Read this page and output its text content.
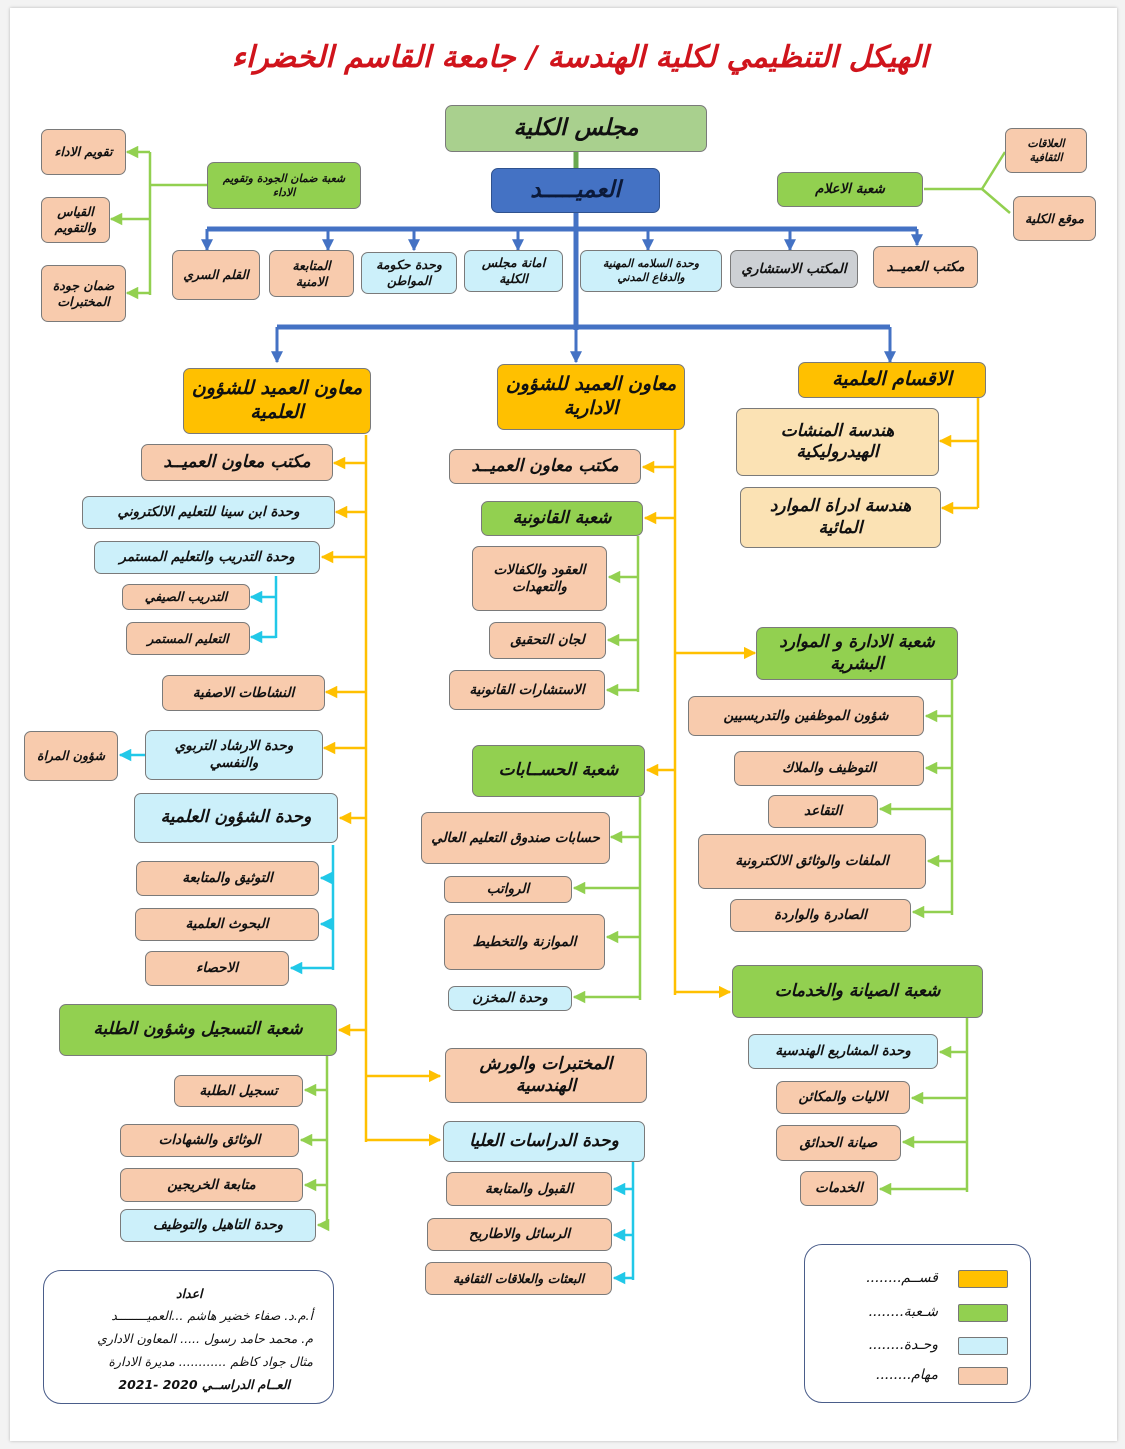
الهيكل التنظيمي لكلية الهندسة / جامعة القاسم الخضراء
مجلس الكلية
العميـــــد
شعبة ضمان الجودة وتقويم الاداء
تقويم الاداء
القياس والتقويم
ضمان جودة المختبرات
شعبة الاعلام
العلاقات الثقافية
موقع الكلية
مكتب العميــد
المكتب الاستشاري
وحدة السلامه المهنية والدفاع المدني
امانة مجلس الكلية
وحدة حكومة المواطن
المتابعة الامنية
القلم السري
معاون العميد للشؤون العلمية
معاون العميد للشؤون الادارية
الاقسام العلمية
هندسة المنشات الهيدروليكية
هندسة ادراة الموارد المائية
مكتب معاون العميــد
وحدة ابن سينا للتعليم الالكتروني
وحدة التدريب والتعليم المستمر
التدريب الصيفي
التعليم المستمر
النشاطات الاصفية
وحدة الارشاد التربوي والنفسي
شؤون المراة
وحدة الشؤون العلمية
التوثيق والمتابعة
البحوث العلمية
الاحصاء
شعبة التسجيل وشؤون الطلبة
تسجيل الطلبة
الوثائق والشهادات
متابعة الخريجين
وحدة التاهيل والتوظيف
المختبرات والورش الهندسية
وحدة الدراسات العليا
القبول والمتابعة
الرسائل والاطاريح
البعثات والعلاقات الثقافية
مكتب معاون العميــد
شعبة القانونية
العقود والكفالات والتعهدات
لجان التحقيق
الاستشارات القانونية
شعبة الحســابات
حسابات صندوق التعليم العالي
الرواتب
الموازنة والتخطيط
وحدة المخزن
شعبة الادارة و الموارد البشرية
شؤون الموظفين والتدريسيين
التوظيف والملاك
التقاعد
الملفات والوثائق الالكترونية
الصادرة والواردة
شعبة الصيانة والخدمات
وحدة المشاريع الهندسية
الاليات والمكائن
صيانة الحدائق
الخدمات
اعداد
أ.م.د. صفاء خضير هاشم ...العميــــــــد
م. محمد حامد رسول ..... المعاون الاداري
مثال جواد كاظم ............ مديرة الادارة
العــام الدراســي 2020 -2021
قســم........
شـعبة........
وحـدة........
مهام........
